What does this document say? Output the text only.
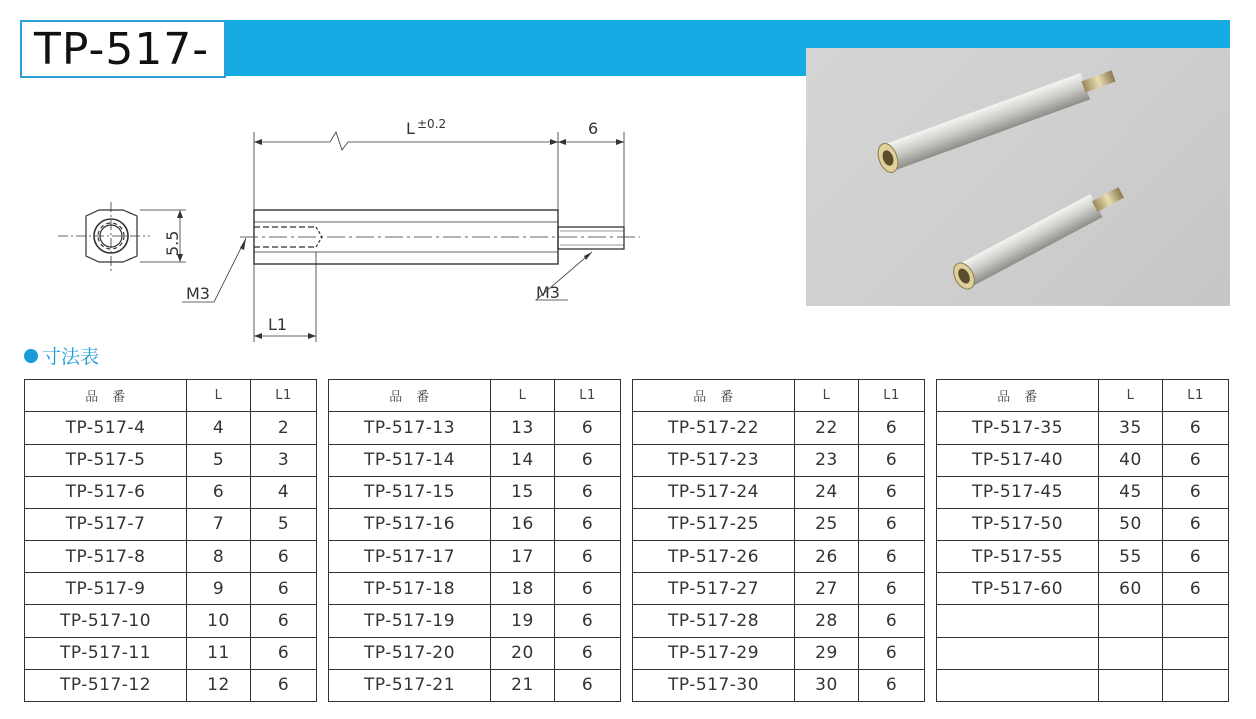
TP-517-
L ±0.2	6
5.5
L1
M3	M3
寸法表
品　番	L	L1
TP-517-4	4	2
TP-517-5	5	3
TP-517-6	6	4
TP-517-7	7	5
TP-517-8	8	6
TP-517-9	9	6
TP-517-10	10	6
TP-517-11	11	6
TP-517-12	12	6
品　番	L	L1
TP-517-13	13	6
TP-517-14	14	6
TP-517-15	15	6
TP-517-16	16	6
TP-517-17	17	6
TP-517-18	18	6
TP-517-19	19	6
TP-517-20	20	6
TP-517-21	21	6
品　番	L	L1
TP-517-22	22	6
TP-517-23	23	6
TP-517-24	24	6
TP-517-25	25	6
TP-517-26	26	6
TP-517-27	27	6
TP-517-28	28	6
TP-517-29	29	6
TP-517-30	30	6
品　番	L	L1
TP-517-35	35	6
TP-517-40	40	6
TP-517-45	45	6
TP-517-50	50	6
TP-517-55	55	6
TP-517-60	60	6
